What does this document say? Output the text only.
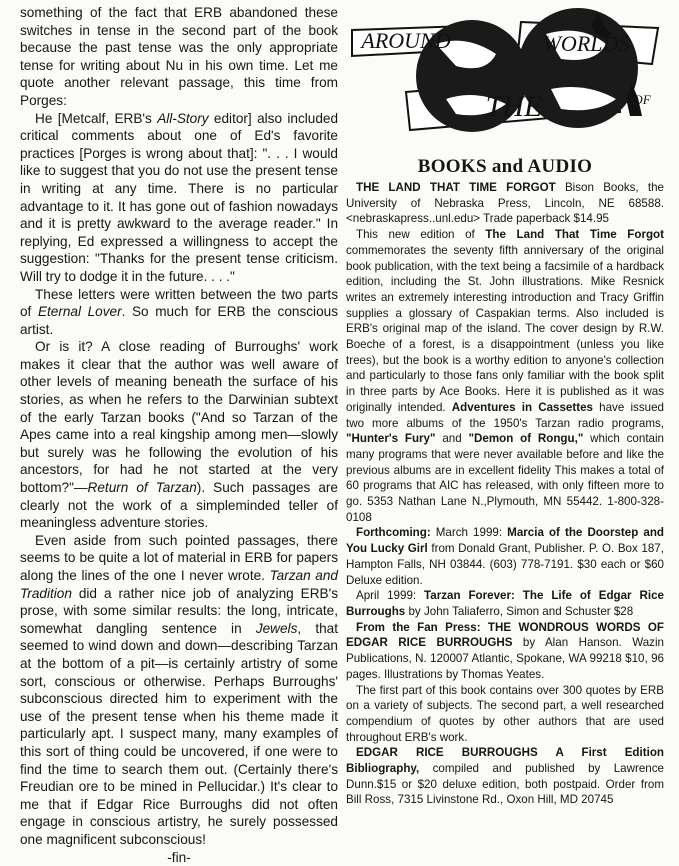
something of the fact that ERB abandoned these switches in tense in the second part of the book because the past tense was the only appropriate tense for writing about Nu in his own time. Let me quote another relevant passage, this time from Porges:

He [Metcalf, ERB's All-Story editor] also included critical comments about one of Ed's favorite practices [Porges is wrong about that]: ". . . I would like to suggest that you do not use the present tense in writing at any time. There is no particular advantage to it. It has gone out of fashion nowadays and it is pretty awkward to the average reader." In replying, Ed expressed a willingness to accept the suggestion: "Thanks for the present tense criticism. Will try to dodge it in the future. . . ."

These letters were written between the two parts of Eternal Lover. So much for ERB the conscious artist.

Or is it? A close reading of Burroughs' work makes it clear that the author was well aware of other levels of meaning beneath the surface of his stories, as when he refers to the Darwinian subtext of the early Tarzan books ("And so Tarzan of the Apes came into a real kingship among men—slowly but surely was he following the evolution of his ancestors, for had he not started at the very bottom?"—Return of Tarzan). Such passages are clearly not the work of a simpleminded teller of meaningless adventure stories.

Even aside from such pointed passages, there seems to be quite a lot of material in ERB for papers along the lines of the one I never wrote. Tarzan and Tradition did a rather nice job of analyzing ERB's prose, with some similar results: the long, intricate, somewhat dangling sentence in Jewels, that seemed to wind down and down—describing Tarzan at the bottom of a pit—is certainly artistry of some sort, conscious or otherwise. Perhaps Burroughs' subconscious directed him to experiment with the use of the present tense when his theme made it particularly apt. I suspect many, many examples of this sort of thing could be uncovered, if one were to find the time to search them out. (Certainly there's Freudian ore to be mined in Pellucidar.) It's clear to me that if Edgar Rice Burroughs did not often engage in conscious artistry, he surely possessed one magnificent subconscious!

-fin-

AROUND	WORLDS
THE	OF
BOOKS and AUDIO

THE LAND THAT TIME FORGOT Bison Books, the University of Nebraska Press, Lincoln, NE 68588. <nebraskapress..unl.edu> Trade paperback $14.95

This new edition of The Land That Time Forgot commemorates the seventy fifth anniversary of the original book publication, with the text being a facsimile of a hardback edition, including the St. John illustrations. Mike Resnick writes an extremely interesting introduction and Tracy Griffin supplies a glossary of Caspakian terms. Also included is ERB's original map of the island. The cover design by R.W. Boeche of a forest, is a disappointment (unless you like trees), but the book is a worthy edition to anyone's collection and particularly to those fans only familiar with the book split in three parts by Ace Books. Here it is published as it was originally intended. Adventures in Cassettes have issued two more albums of the 1950's Tarzan radio programs, "Hunter's Fury" and "Demon of Rongu," which contain many programs that were never available before and like the previous albums are in excellent fidelity This makes a total of 60 programs that AIC has released, with only fifteen more to go. 5353 Nathan Lane N.,Plymouth, MN 55442. 1-800-328-0108

Forthcoming: March 1999: Marcia of the Doorstep and You Lucky Girl from Donald Grant, Publisher. P. O. Box 187, Hampton Falls, NH 03844. (603) 778-7191. $30 each or $60 Deluxe edition.

April 1999: Tarzan Forever: The Life of Edgar Rice Burroughs by John Taliaferro, Simon and Schuster $28

From the Fan Press: THE WONDROUS WORDS OF EDGAR RICE BURROUGHS by Alan Hanson. Wazin Publications, N. 120007 Atlantic, Spokane, WA 99218 $10, 96 pages. Illustrations by Thomas Yeates.

The first part of this book contains over 300 quotes by ERB on a variety of subjects. The second part, a well researched compendium of quotes by other authors that are used throughout ERB's work.

EDGAR RICE BURROUGHS A First Edition Bibliography, compiled and published by Lawrence Dunn.$15 or $20 deluxe edition, both postpaid. Order from Bill Ross, 7315 Livinstone Rd., Oxon Hill, MD 20745
